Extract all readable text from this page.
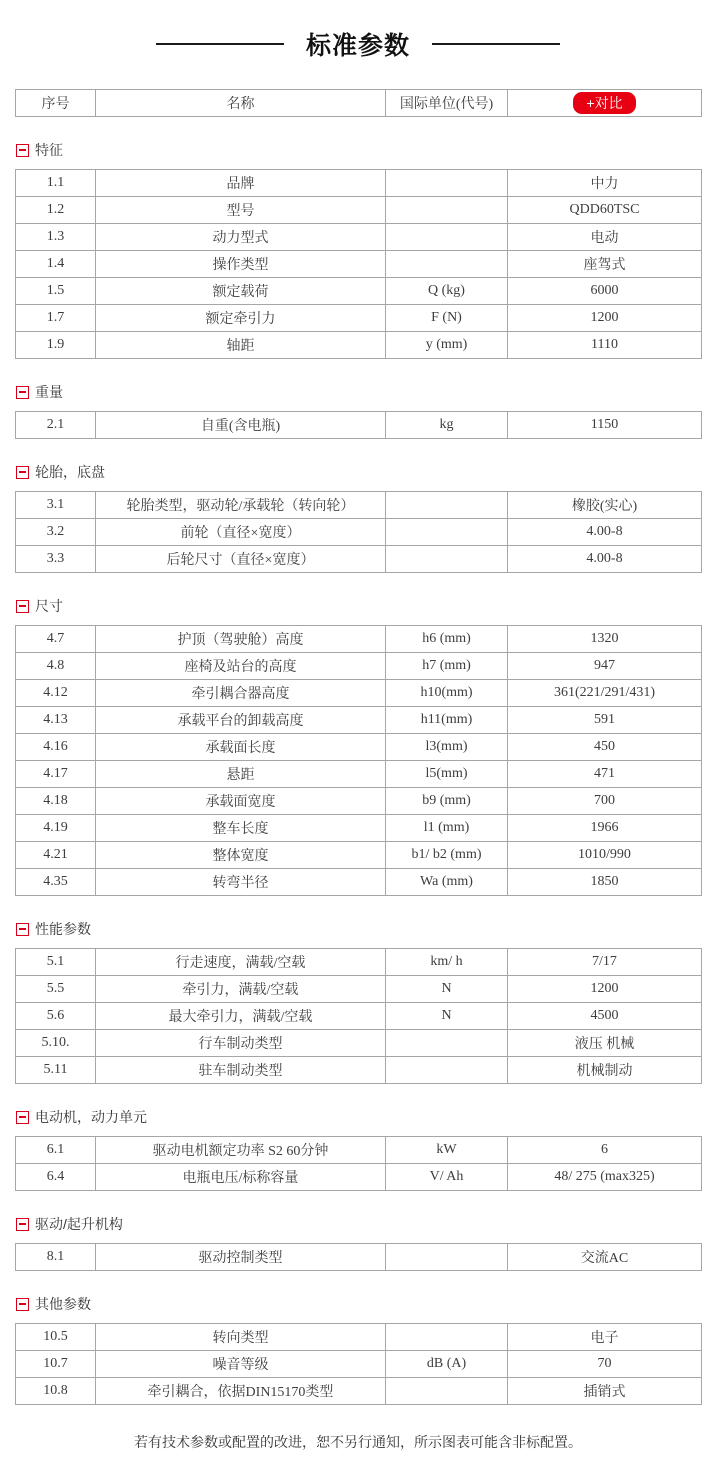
标准参数
序号	名称	国际单位(代号)	+对比
特征
1.1	品牌		中力
1.2	型号		QDD60TSC
1.3	动力型式		电动
1.4	操作类型		座驾式
1.5	额定载荷	Q (kg)	6000
1.7	额定牵引力	F (N)	1200
1.9	轴距	y (mm)	1110
重量
2.1	自重(含电瓶)	kg	1150
轮胎，底盘
3.1	轮胎类型，驱动轮/承载轮（转向轮）		橡胶(实心)
3.2	前轮（直径×宽度）		4.00-8
3.3	后轮尺寸（直径×宽度）		4.00-8
尺寸
4.7	护顶（驾驶舱）高度	h6 (mm)	1320
4.8	座椅及站台的高度	h7 (mm)	947
4.12	牵引耦合器高度	h10(mm)	361(221/291/431)
4.13	承载平台的卸载高度	h11(mm)	591
4.16	承载面长度	l3(mm)	450
4.17	悬距	l5(mm)	471
4.18	承载面宽度	b9 (mm)	700
4.19	整车长度	l1 (mm)	1966
4.21	整体宽度	b1/ b2 (mm)	1010/990
4.35	转弯半径	Wa (mm)	1850
性能参数
5.1	行走速度，满载/空载	km/ h	7/17
5.5	牵引力，满载/空载	N	1200
5.6	最大牵引力，满载/空载	N	4500
5.10.	行车制动类型		液压 机械
5.11	驻车制动类型		机械制动
电动机，动力单元
6.1	驱动电机额定功率 S2 60分钟	kW	6
6.4	电瓶电压/标称容量	V/ Ah	48/ 275 (max325)
驱动/起升机构
8.1	驱动控制类型		交流AC
其他参数
10.5	转向类型		电子
10.7	噪音等级	dB (A)	70
10.8	牵引耦合，依据DIN15170类型		插销式

若有技术参数或配置的改进，恕不另行通知，所示图表可能含非标配置。
